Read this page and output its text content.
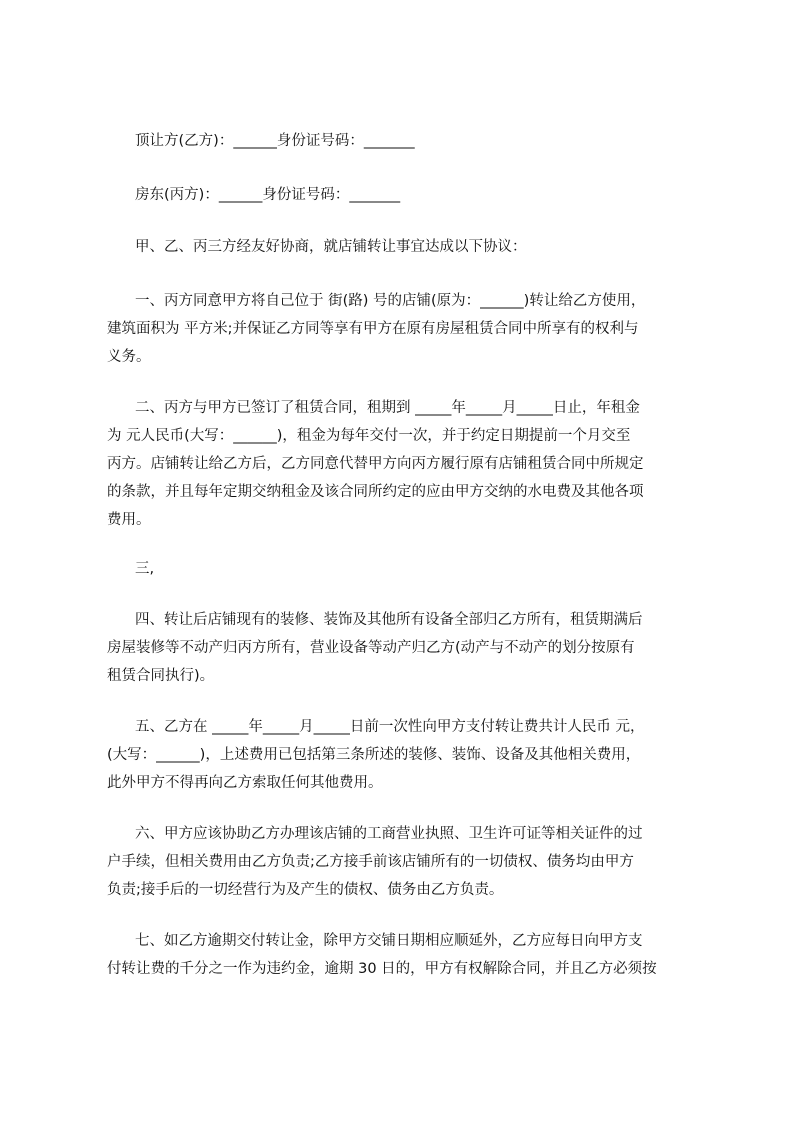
顶让方(乙方)：______身份证号码：_______
房东(丙方)：______身份证号码：_______
甲、乙、丙三方经友好协商，就店铺转让事宜达成以下协议：
一、丙方同意甲方将自己位于 街(路) 号的店铺(原为：______)转让给乙方使用，
建筑面积为 平方米;并保证乙方同等享有甲方在原有房屋租赁合同中所享有的权利与
义务。
二、丙方与甲方已签订了租赁合同，租期到 _____年_____月_____日止，年租金
为 元人民币(大写：______)，租金为每年交付一次，并于约定日期提前一个月交至
丙方。店铺转让给乙方后，乙方同意代替甲方向丙方履行原有店铺租赁合同中所规定
的条款，并且每年定期交纳租金及该合同所约定的应由甲方交纳的水电费及其他各项
费用。
三,
四、转让后店铺现有的装修、装饰及其他所有设备全部归乙方所有，租赁期满后
房屋装修等不动产归丙方所有，营业设备等动产归乙方(动产与不动产的划分按原有
租赁合同执行)。
五、乙方在 _____年_____月_____日前一次性向甲方支付转让费共计人民币 元，
(大写：______)，上述费用已包括第三条所述的装修、装饰、设备及其他相关费用，
此外甲方不得再向乙方索取任何其他费用。
六、甲方应该协助乙方办理该店铺的工商营业执照、卫生许可证等相关证件的过
户手续，但相关费用由乙方负责;乙方接手前该店铺所有的一切债权、债务均由甲方
负责;接手后的一切经营行为及产生的债权、债务由乙方负责。
七、如乙方逾期交付转让金，除甲方交铺日期相应顺延外，乙方应每日向甲方支
付转让费的千分之一作为违约金，逾期 30 日的，甲方有权解除合同，并且乙方必须按
